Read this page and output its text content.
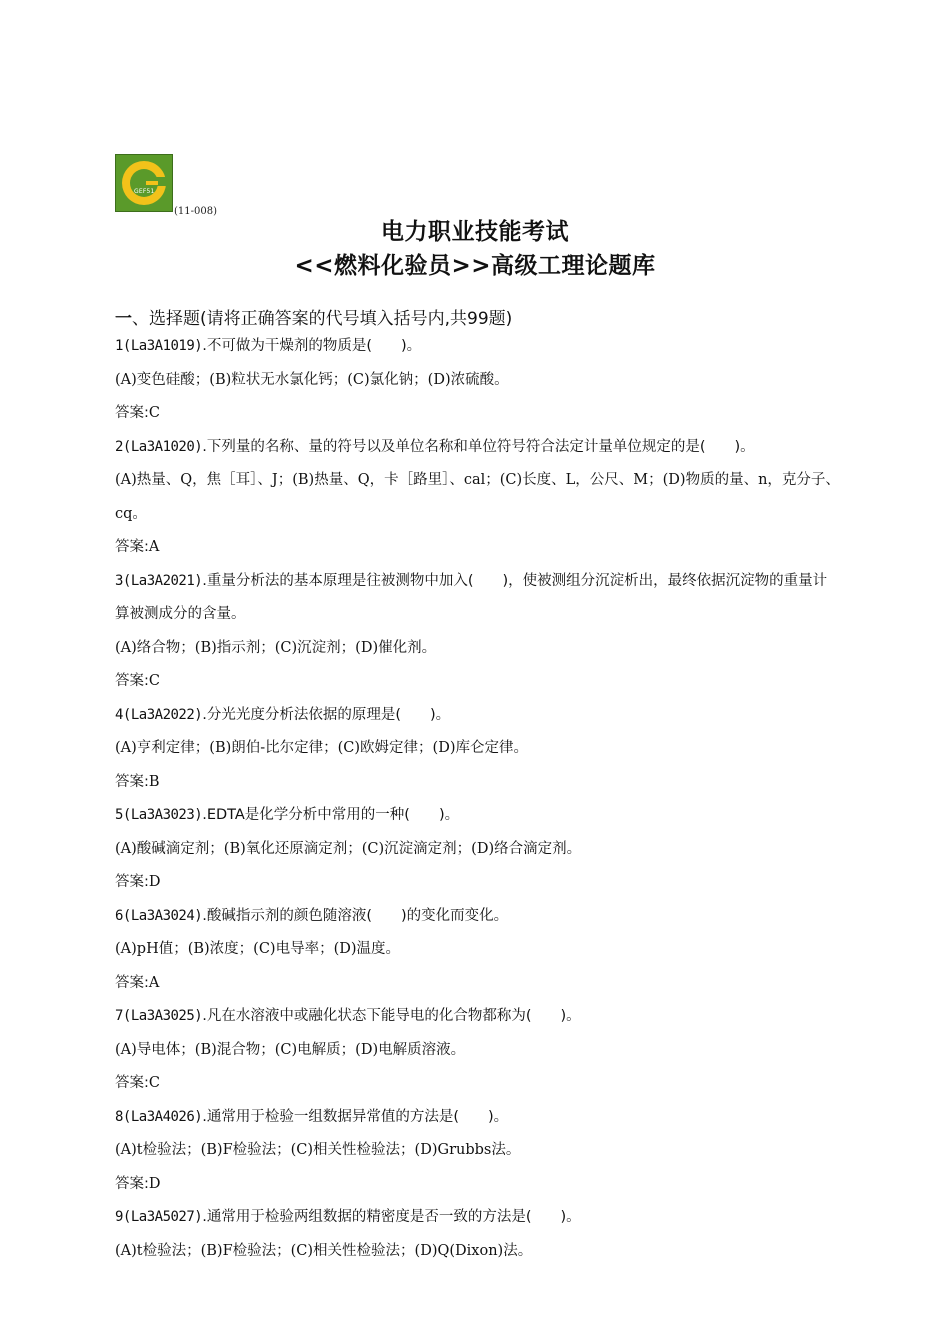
GEF51
(11-008)
电力职业技能考试
<<燃料化验员>>高级工理论题库
一、选择题(请将正确答案的代号填入括号内,共99题)
1(La3A1019).不可做为干燥剂的物质是(　　)。
(A)变色硅酸；(B)粒状无水氯化钙；(C)氯化钠；(D)浓硫酸。
答案:C
2(La3A1020).下列量的名称、量的符号以及单位名称和单位符号符合法定计量单位规定的是(　　)。
(A)热量、Q，焦［耳］、J；(B)热量、Q，卡［路里］、cal；(C)长度、L，公尺、M；(D)物质的量、n，克分子、cq。
答案:A
3(La3A2021).重量分析法的基本原理是往被测物中加入(　　)，使被测组分沉淀析出，最终依据沉淀物的重量计算被测成分的含量。
(A)络合物；(B)指示剂；(C)沉淀剂；(D)催化剂。
答案:C
4(La3A2022).分光光度分析法依据的原理是(　　)。
(A)亨利定律；(B)朗伯-比尔定律；(C)欧姆定律；(D)库仑定律。
答案:B
5(La3A3023).EDTA是化学分析中常用的一种(　　)。
(A)酸碱滴定剂；(B)氧化还原滴定剂；(C)沉淀滴定剂；(D)络合滴定剂。
答案:D
6(La3A3024).酸碱指示剂的颜色随溶液(　　)的变化而变化。
(A)pH值；(B)浓度；(C)电导率；(D)温度。
答案:A
7(La3A3025).凡在水溶液中或融化状态下能导电的化合物都称为(　　)。
(A)导电体；(B)混合物；(C)电解质；(D)电解质溶液。
答案:C
8(La3A4026).通常用于检验一组数据异常值的方法是(　　)。
(A)t检验法；(B)F检验法；(C)相关性检验法；(D)Grubbs法。
答案:D
9(La3A5027).通常用于检验两组数据的精密度是否一致的方法是(　　)。
(A)t检验法；(B)F检验法；(C)相关性检验法；(D)Q(Dixon)法。
